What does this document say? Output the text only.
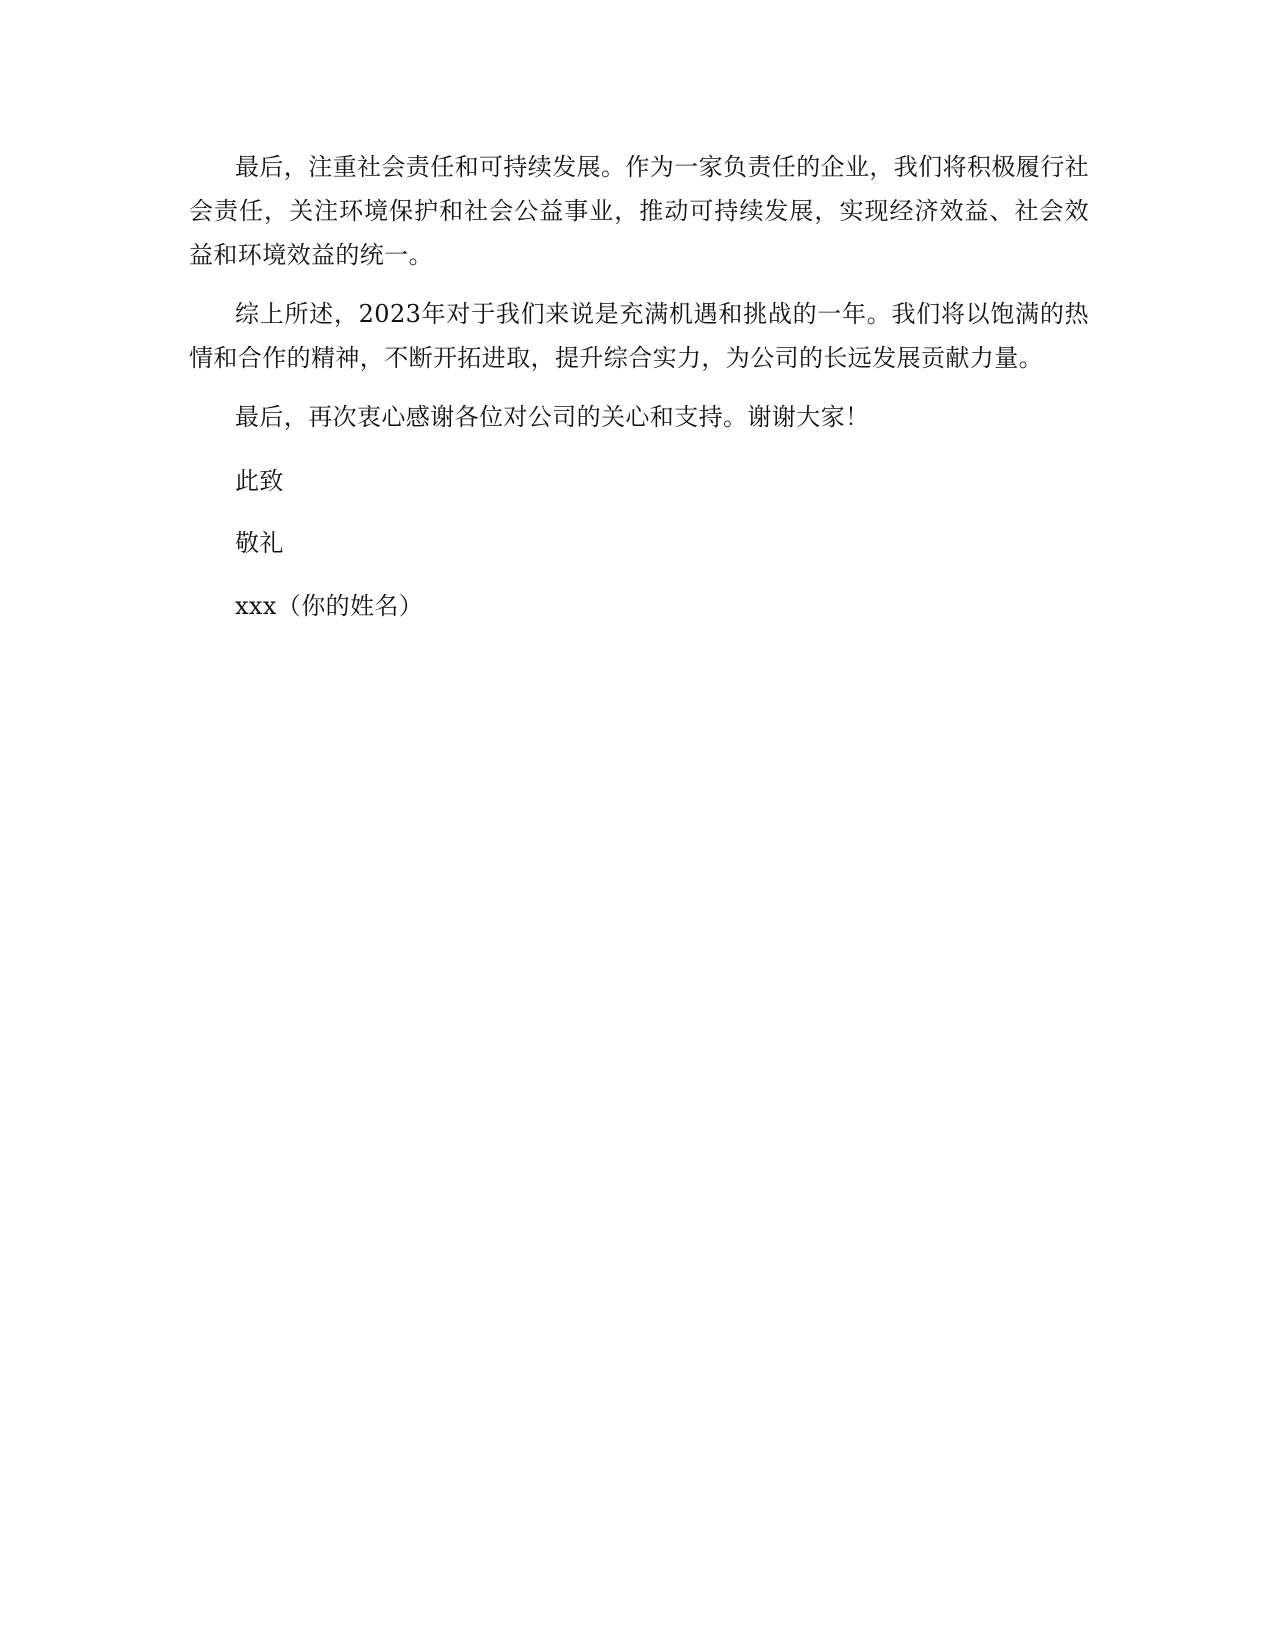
最后，注重社会责任和可持续发展。作为一家负责任的企业，我们将积极履行社会责任，关注环境保护和社会公益事业，推动可持续发展，实现经济效益、社会效益和环境效益的统一。

综上所述，2023年对于我们来说是充满机遇和挑战的一年。我们将以饱满的热情和合作的精神，不断开拓进取，提升综合实力，为公司的长远发展贡献力量。

最后，再次衷心感谢各位对公司的关心和支持。谢谢大家！

此致

敬礼

xxx（你的姓名）
